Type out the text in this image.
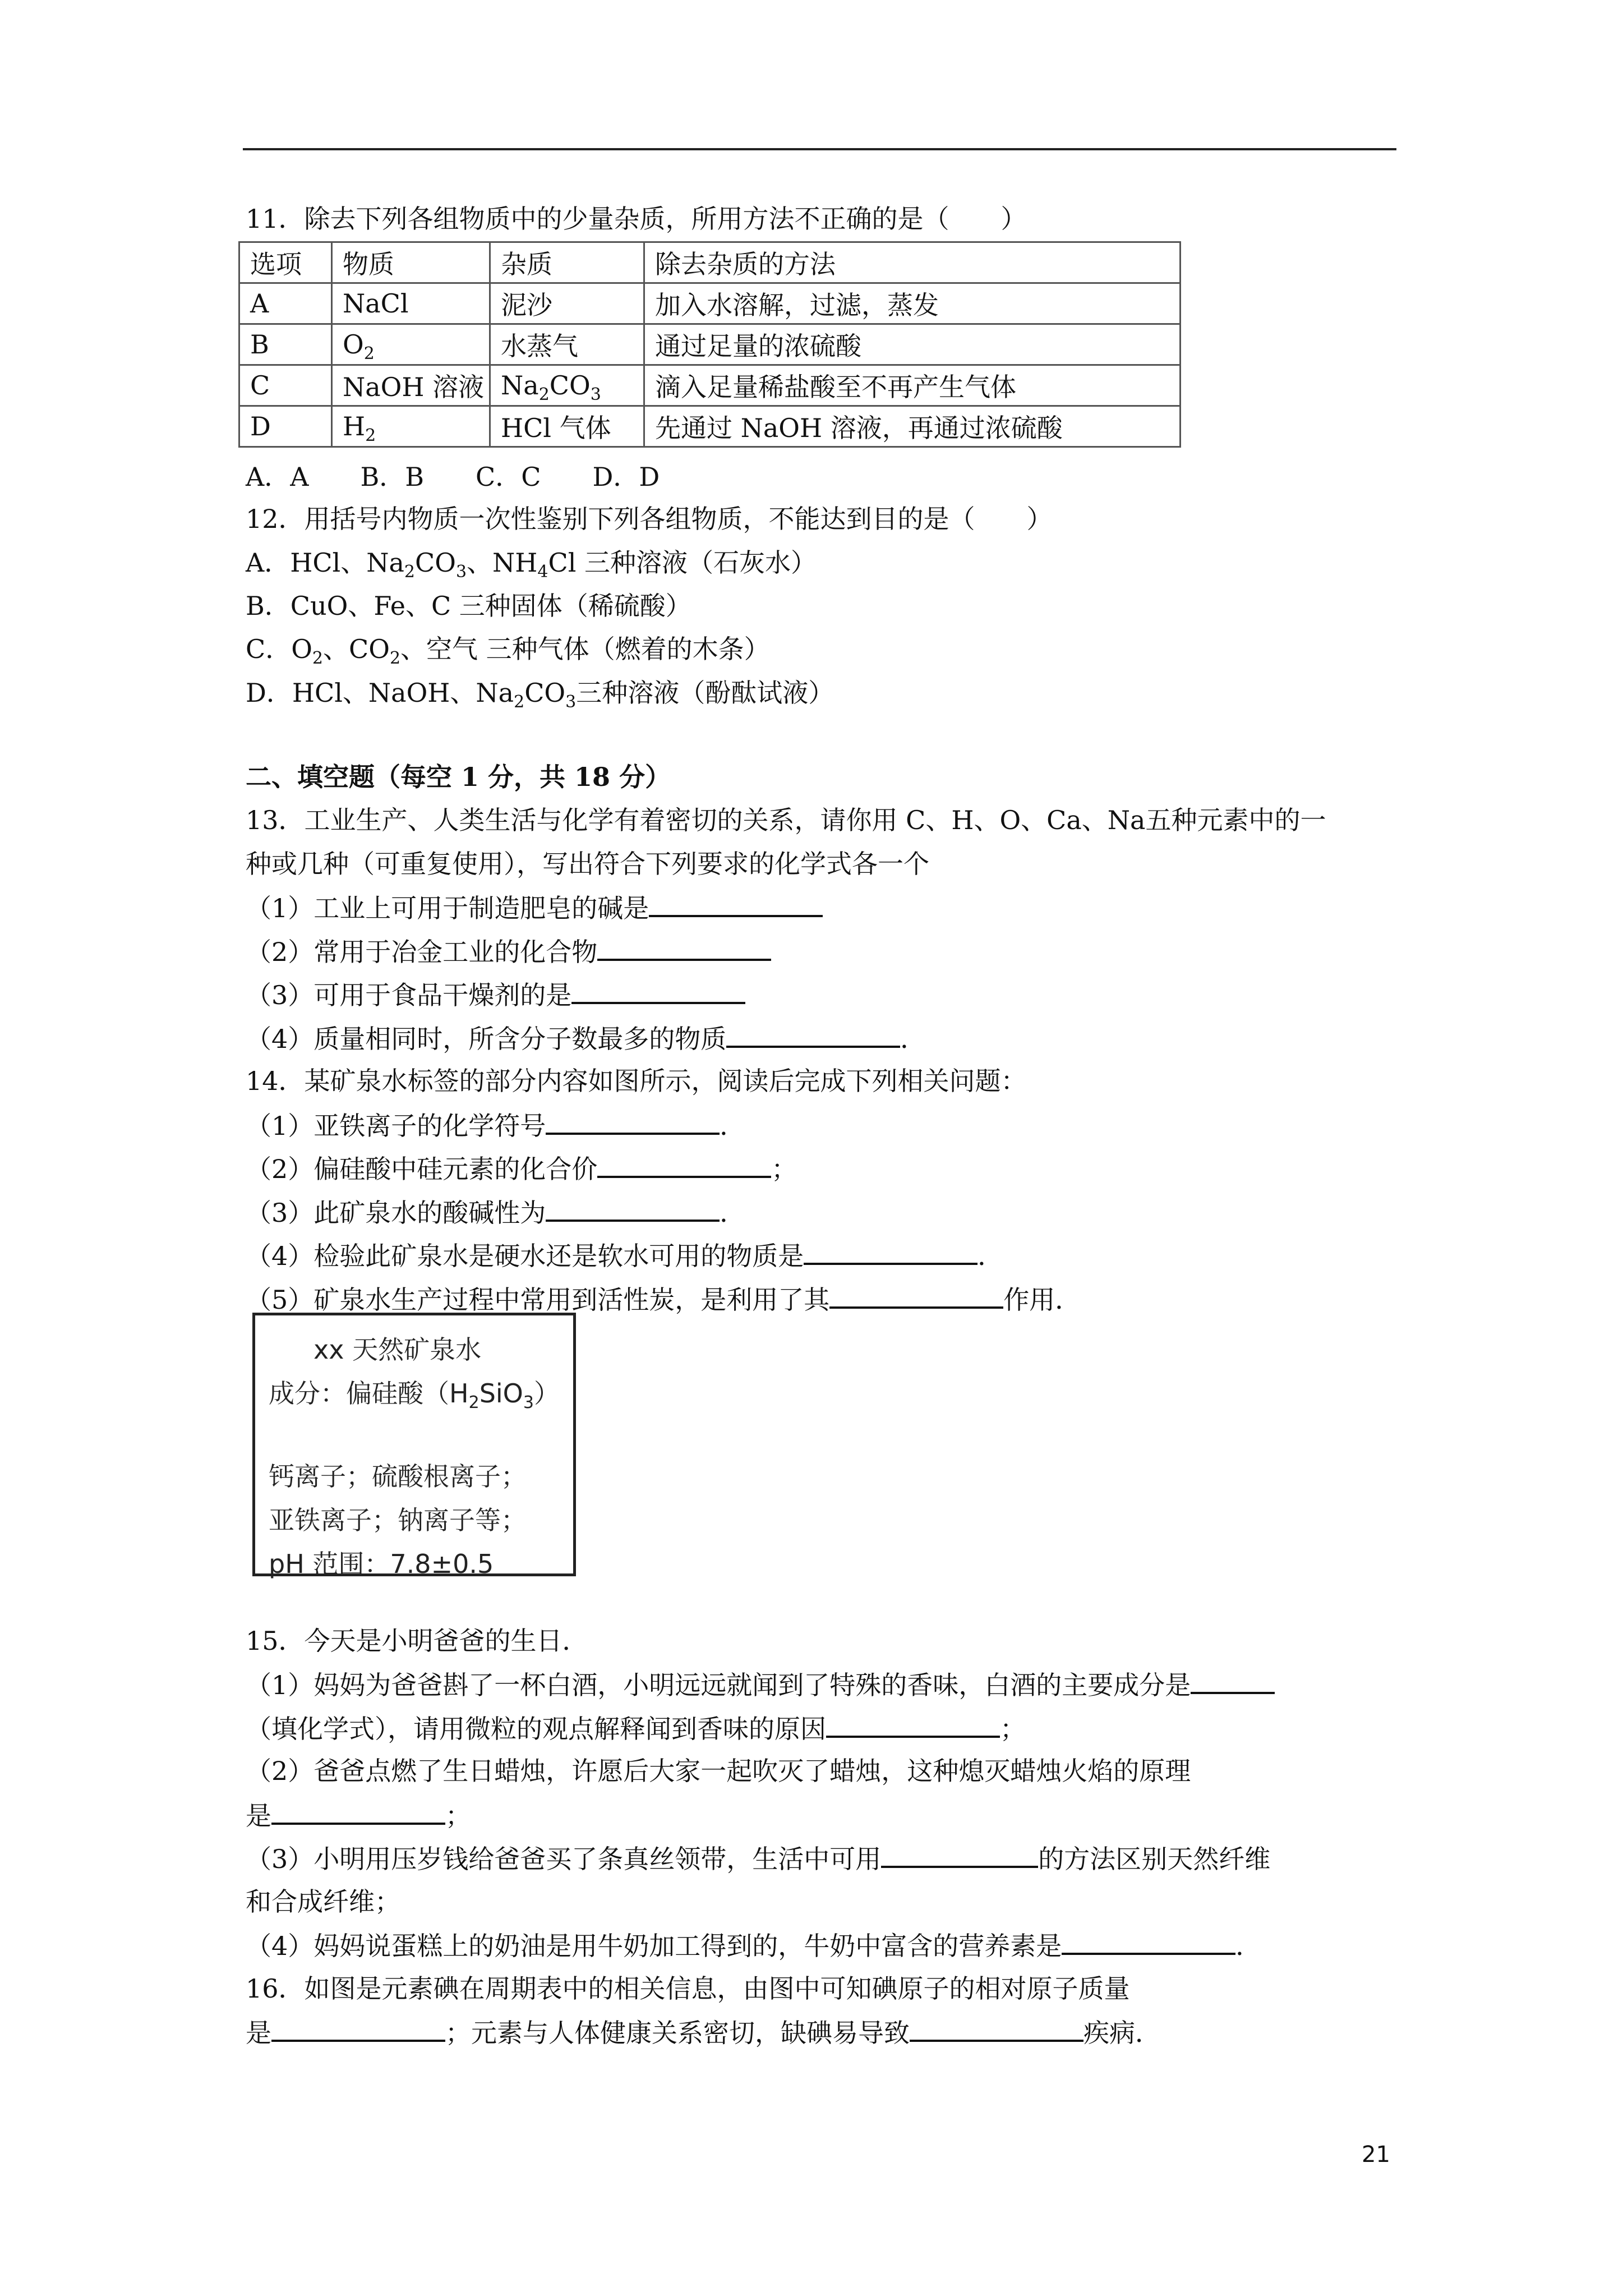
11．除去下列各组物质中的少量杂质，所用方法不正确的是（　　）
选项	物质	杂质	除去杂质的方法
A	NaCl	泥沙	加入水溶解，过滤，蒸发
B	$O_2$	水蒸气	通过足量的浓硫酸
C	NaOH 溶液	$Na_2CO_3$	滴入足量稀盐酸至不再产生气体
D	$H_2$	HCl 气体	先通过 NaOH 溶液，再通过浓硫酸
A．A　　B．B　　C．C　　D．D
12．用括号内物质一次性鉴别下列各组物质，不能达到目的是（　　）
A．HCl、$Na_2CO_3$、$NH_4Cl$ 三种溶液（石灰水）
B．CuO、Fe、C 三种固体（稀硫酸）
C．$O_2$、$CO_2$、空气 三种气体（燃着的木条）
D．HCl、NaOH、$Na_2CO_3$三种溶液（酚酞试液）
二、填空题（每空 1 分，共 18 分）
13．工业生产、人类生活与化学有着密切的关系，请你用 C、H、O、Ca、Na五种元素中的一
种或几种（可重复使用），写出符合下列要求的化学式各一个
（1）工业上可用于制造肥皂的碱是
（2）常用于冶金工业的化合物
（3）可用于食品干燥剂的是
（4）质量相同时，所含分子数最多的物质	．
14．某矿泉水标签的部分内容如图所示，阅读后完成下列相关问题：
（1）亚铁离子的化学符号	．
（2）偏硅酸中硅元素的化合价	；
（3）此矿泉水的酸碱性为	．
（4）检验此矿泉水是硬水还是软水可用的物质是	．
（5）矿泉水生产过程中常用到活性炭，是利用了其	作用．
xx 天然矿泉水
成分：偏硅酸$(H_2SiO_3)$
钙离子；硫酸根离子；
亚铁离子；钠离子等；
pH 范围：7.8±0.5
15．今天是小明爸爸的生日．
（1）妈妈为爸爸斟了一杯白酒，小明远远就闻到了特殊的香味，白酒的主要成分是
（填化学式），请用微粒的观点解释闻到香味的原因	；
（2）爸爸点燃了生日蜡烛，许愿后大家一起吹灭了蜡烛，这种熄灭蜡烛火焰的原理
是	；
（3）小明用压岁钱给爸爸买了条真丝领带，生活中可用	的方法区别天然纤维
和合成纤维；
（4）妈妈说蛋糕上的奶油是用牛奶加工得到的，牛奶中富含的营养素是	．
16．如图是元素碘在周期表中的相关信息，由图中可知碘原子的相对原子质量
是	；元素与人体健康关系密切，缺碘易导致	疾病．
21
